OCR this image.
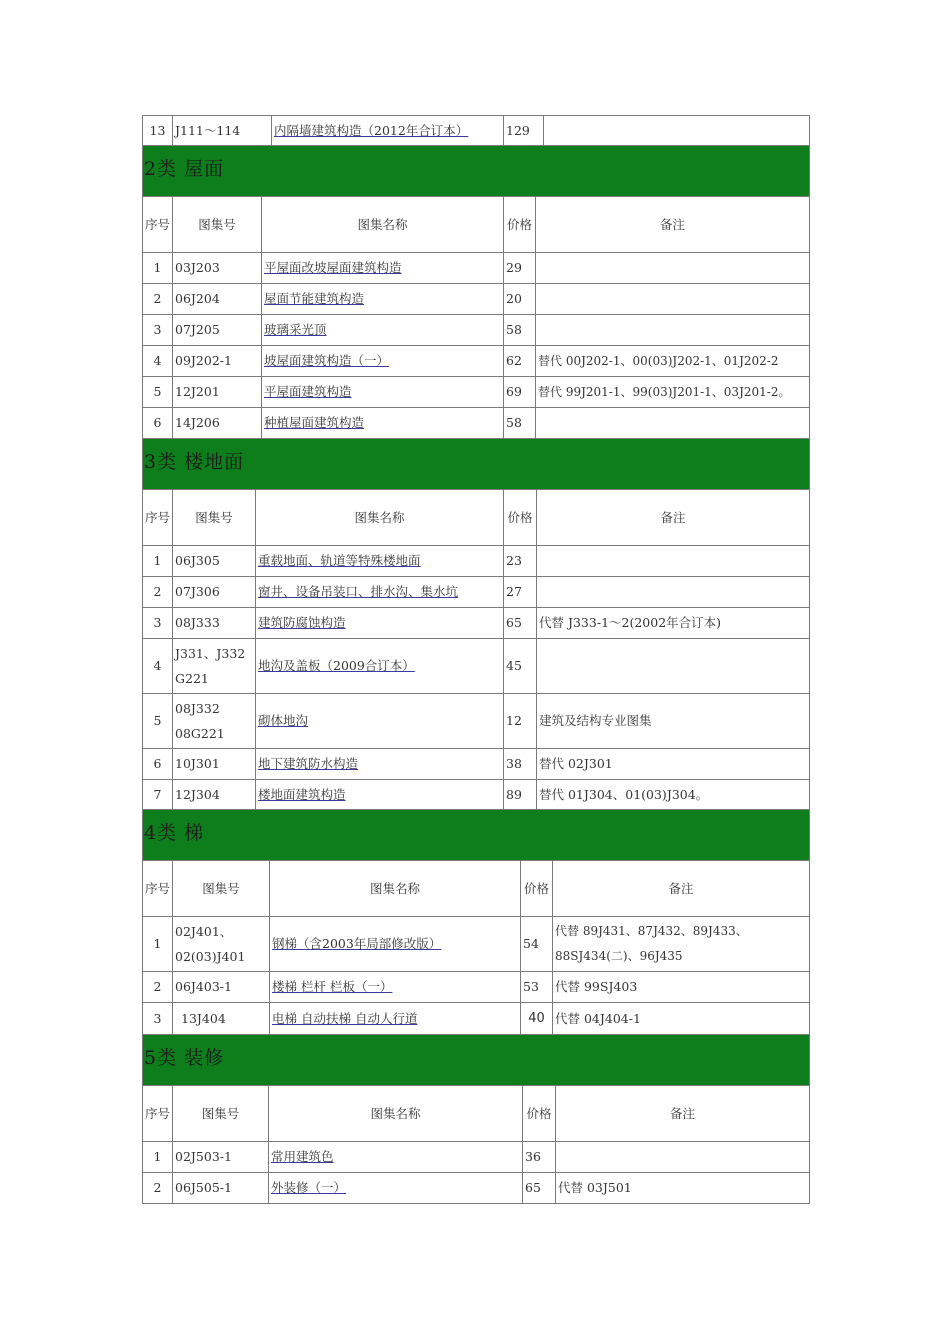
13	J111～114	内隔墙建筑构造（2012年合订本）	129	
2类 屋面
序号	图集号	图集名称	价格	备注
1	03J203	平屋面改坡屋面建筑构造	29	
2	06J204	屋面节能建筑构造	20	
3	07J205	玻璃采光顶	58	
4	09J202-1	坡屋面建筑构造（一）	62	替代 00J202-1、00(03)J202-1、01J202-2
5	12J201	平屋面建筑构造	69	替代 99J201-1、99(03)J201-1、03J201-2。
6	14J206	种植屋面建筑构造	58	
3类 楼地面
序号	图集号	图集名称	价格	备注
1	06J305	重载地面、轨道等特殊楼地面	23	
2	07J306	窗井、设备吊装口、排水沟、集水坑	27	
3	08J333	建筑防腐蚀构造	65	代替 J333-1～2(2002年合订本)
4	J331、J332 G221	地沟及盖板（2009合订本）	45	
5	08J332 08G221	砌体地沟	12	建筑及结构专业图集
6	10J301	地下建筑防水构造	38	替代 02J301
7	12J304	楼地面建筑构造	89	替代 01J304、01(03)J304。
4类 梯
序号	图集号	图集名称	价格	备注
1	02J401、02(03)J401	钢梯（含2003年局部修改版）	54	代替 89J431、87J432、89J433、88SJ434(二)、96J435
2	06J403-1	楼梯 栏杆 栏板（一）	53	代替 99SJ403
3	13J404	电梯 自动扶梯 自动人行道	40	代替 04J404-1
5类 装修
序号	图集号	图集名称	价格	备注
1	02J503-1	常用建筑色	36	
2	06J505-1	外装修（一）	65	代替 03J501
